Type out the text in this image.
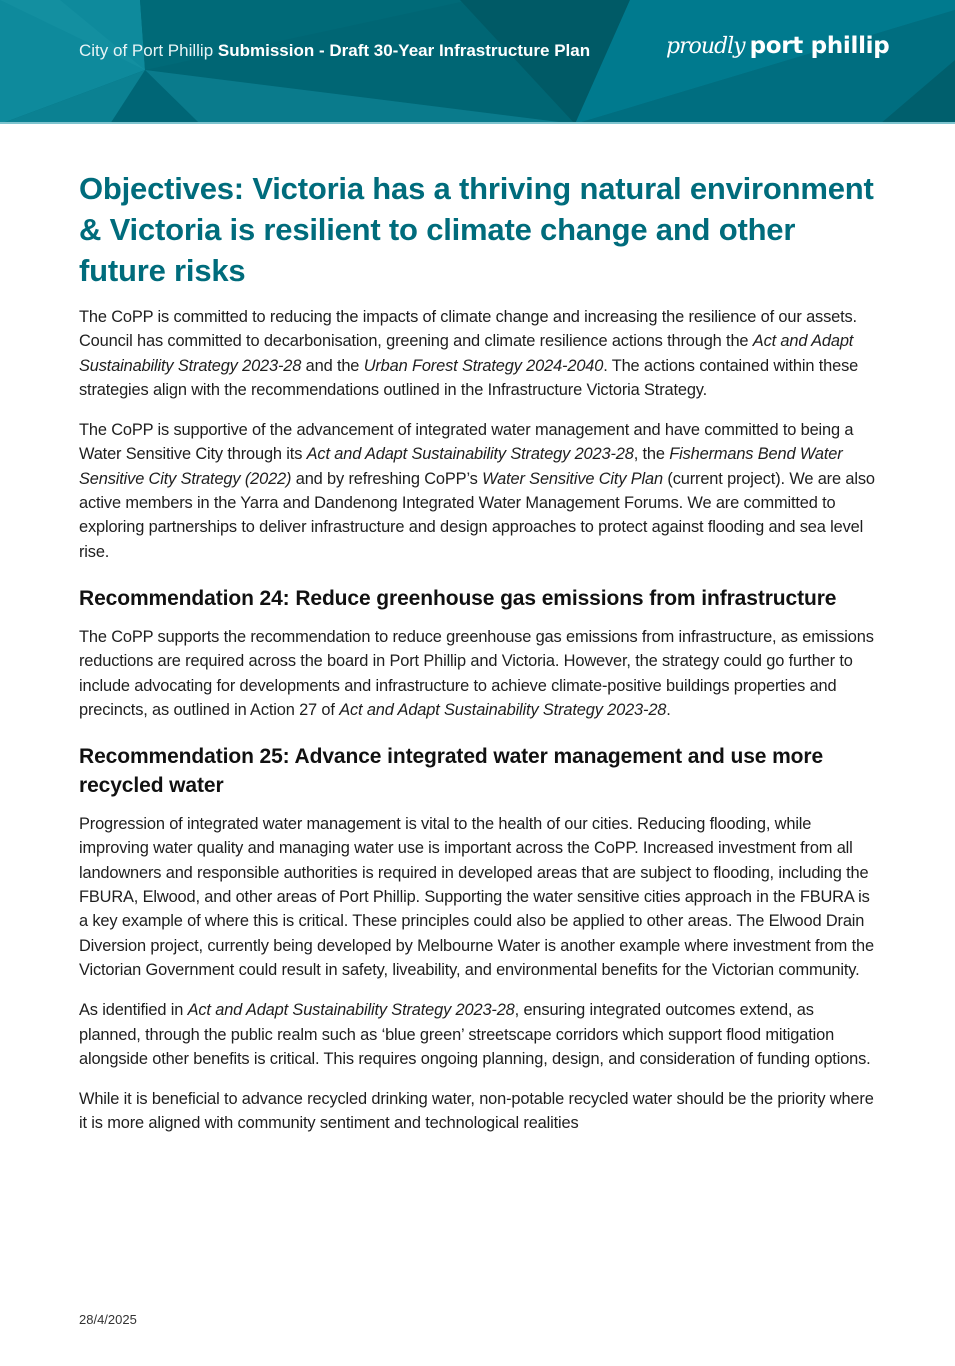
City of Port Phillip Submission - Draft 30-Year Infrastructure Plan	proudly port phillip
Objectives: Victoria has a thriving natural environment & Victoria is resilient to climate change and other future risks

The CoPP is committed to reducing the impacts of climate change and increasing the resilience of our assets. Council has committed to decarbonisation, greening and climate resilience actions through the Act and Adapt Sustainability Strategy 2023-28 and the Urban Forest Strategy 2024-2040. The actions contained within these strategies align with the recommendations outlined in the Infrastructure Victoria Strategy.

The CoPP is supportive of the advancement of integrated water management and have committed to being a Water Sensitive City through its Act and Adapt Sustainability Strategy 2023-28, the Fishermans Bend Water Sensitive City Strategy (2022) and by refreshing CoPP’s Water Sensitive City Plan (current project). We are also active members in the Yarra and Dandenong Integrated Water Management Forums. We are committed to exploring partnerships to deliver infrastructure and design approaches to protect against flooding and sea level rise.

Recommendation 24: Reduce greenhouse gas emissions from infrastructure

The CoPP supports the recommendation to reduce greenhouse gas emissions from infrastructure, as emissions reductions are required across the board in Port Phillip and Victoria. However, the strategy could go further to include advocating for developments and infrastructure to achieve climate-positive buildings properties and precincts, as outlined in Action 27 of Act and Adapt Sustainability Strategy 2023-28.

Recommendation 25: Advance integrated water management and use more recycled water

Progression of integrated water management is vital to the health of our cities. Reducing flooding, while improving water quality and managing water use is important across the CoPP. Increased investment from all landowners and responsible authorities is required in developed areas that are subject to flooding, including the FBURA, Elwood, and other areas of Port Phillip. Supporting the water sensitive cities approach in the FBURA is a key example of where this is critical. These principles could also be applied to other areas. The Elwood Drain Diversion project, currently being developed by Melbourne Water is another example where investment from the Victorian Government could result in safety, liveability, and environmental benefits for the Victorian community.

As identified in Act and Adapt Sustainability Strategy 2023-28, ensuring integrated outcomes extend, as planned, through the public realm such as ‘blue green’ streetscape corridors which support flood mitigation alongside other benefits is critical. This requires ongoing planning, design, and consideration of funding options.

While it is beneficial to advance recycled drinking water, non-potable recycled water should be the priority where it is more aligned with community sentiment and technological realities

28/4/2025
